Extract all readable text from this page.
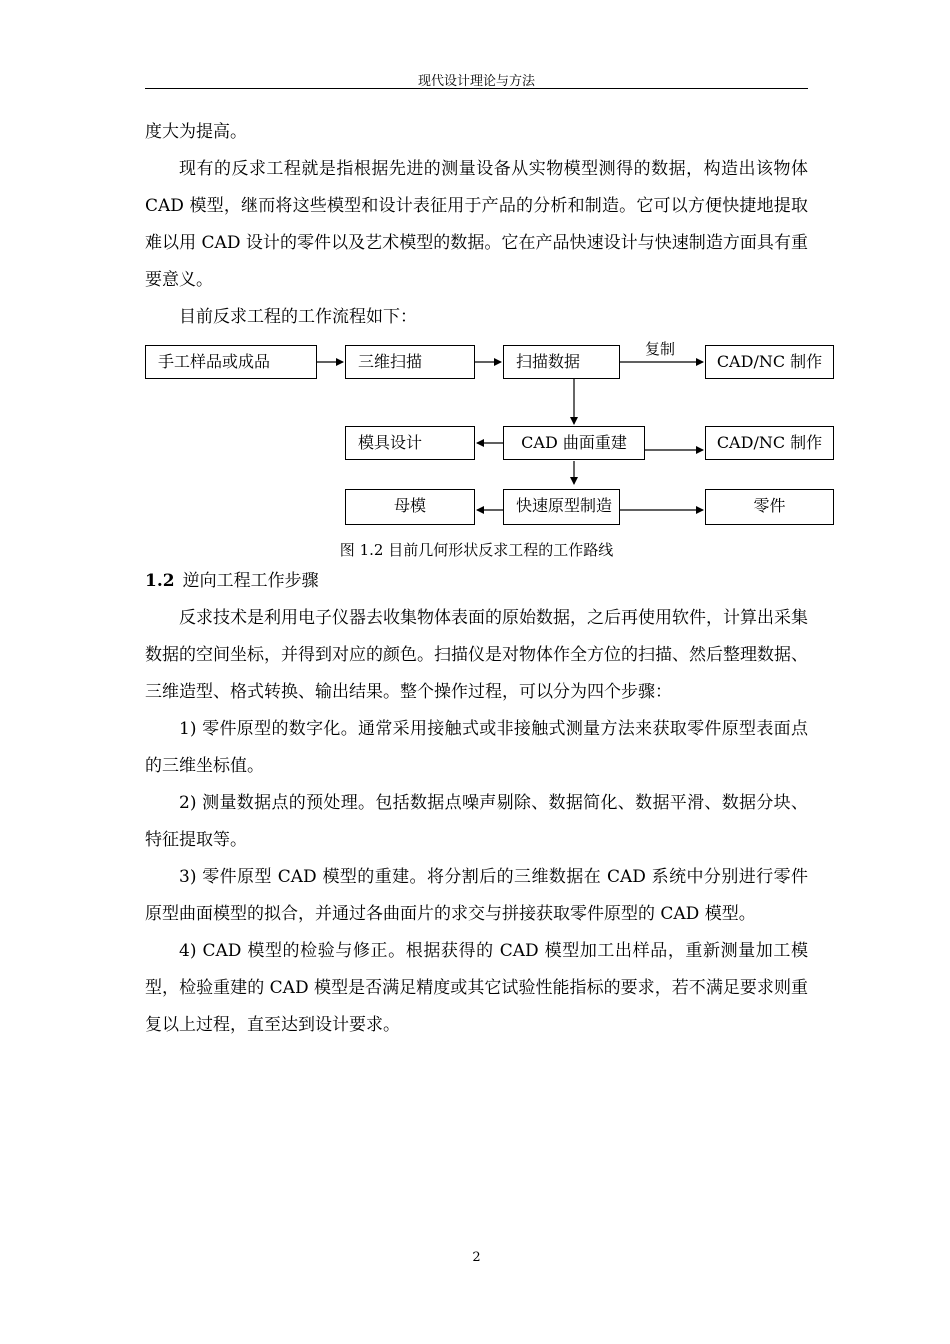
现代设计理论与方法

度大为提高。

现有的反求工程就是指根据先进的测量设备从实物模型测得的数据，构造出该物体 CAD 模型，继而将这些模型和设计表征用于产品的分析和制造。它可以方便快捷地提取难以用 CAD 设计的零件以及艺术模型的数据。它在产品快速设计与快速制造方面具有重要意义。

目前反求工程的工作流程如下：

复制
手工样品或成品	三维扫描	扫描数据	CAD/NC 制作
模具设计	CAD 曲面重建	CAD/NC 制作
母模	快速原型制造	零件
图 1.2 目前几何形状反求工程的工作路线

1.2 逆向工程工作步骤

反求技术是利用电子仪器去收集物体表面的原始数据，之后再使用软件，计算出采集数据的空间坐标，并得到对应的颜色。扫描仪是对物体作全方位的扫描、然后整理数据、三维造型、格式转换、输出结果。整个操作过程，可以分为四个步骤：

1) 零件原型的数字化。通常采用接触式或非接触式测量方法来获取零件原型表面点的三维坐标值。

2) 测量数据点的预处理。包括数据点噪声剔除、数据简化、数据平滑、数据分块、特征提取等。

3) 零件原型 CAD 模型的重建。将分割后的三维数据在 CAD 系统中分别进行零件原型曲面模型的拟合，并通过各曲面片的求交与拼接获取零件原型的 CAD 模型。

4) CAD 模型的检验与修正。根据获得的 CAD 模型加工出样品，重新测量加工模型，检验重建的 CAD 模型是否满足精度或其它试验性能指标的要求，若不满足要求则重复以上过程，直至达到设计要求。

2
